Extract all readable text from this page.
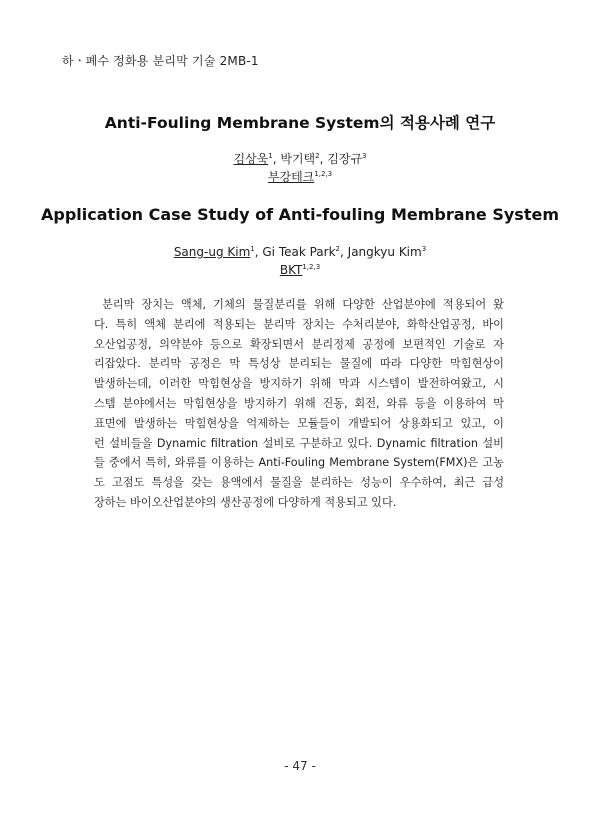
하ㆍ폐수 정화용 분리막 기술 2MB-1
Anti-Fouling Membrane System의 적용사례 연구
김상욱$^1$, 박기택$^2$, 김장규$^3$
부강테크$^{1,2,3}$
Application Case Study of Anti-fouling Membrane System
Sang-ug Kim$^1$, Gi Teak Park$^2$, Jangkyu Kim$^3$
BKT$^{1,2,3}$
분리막 장치는 액체, 기체의 물질분리를 위해 다양한 산업분야에 적용되어 왔
다. 특히 액체 분리에 적용되는 분리막 장치는 수처리분야, 화학산업공정, 바이
오산업공정, 의약분야 등으로 확장되면서 분리정제 공정에 보편적인 기술로 자
리잡았다. 분리막 공정은 막 특성상 분리되는 물질에 따라 다양한 막힘현상이
발생하는데, 이러한 막힘현상을 방지하기 위해 막과 시스템이 발전하여왔고, 시
스템 분야에서는 막힘현상을 방지하기 위해 진동, 회전, 와류 등을 이용하여 막
표면에 발생하는 막힘현상을 억제하는 모듈들이 개발되어 상용화되고 있고, 이
런 설비들을 Dynamic filtration 설비로 구분하고 있다. Dynamic filtration 설비
들 중에서 특히, 와류를 이용하는 Anti-Fouling Membrane System(FMX)은 고농
도 고점도 특성을 갖는 용액에서 물질을 분리하는 성능이 우수하여, 최근 급성
장하는 바이오산업분야의 생산공정에 다양하게 적용되고 있다.
- 47 -
